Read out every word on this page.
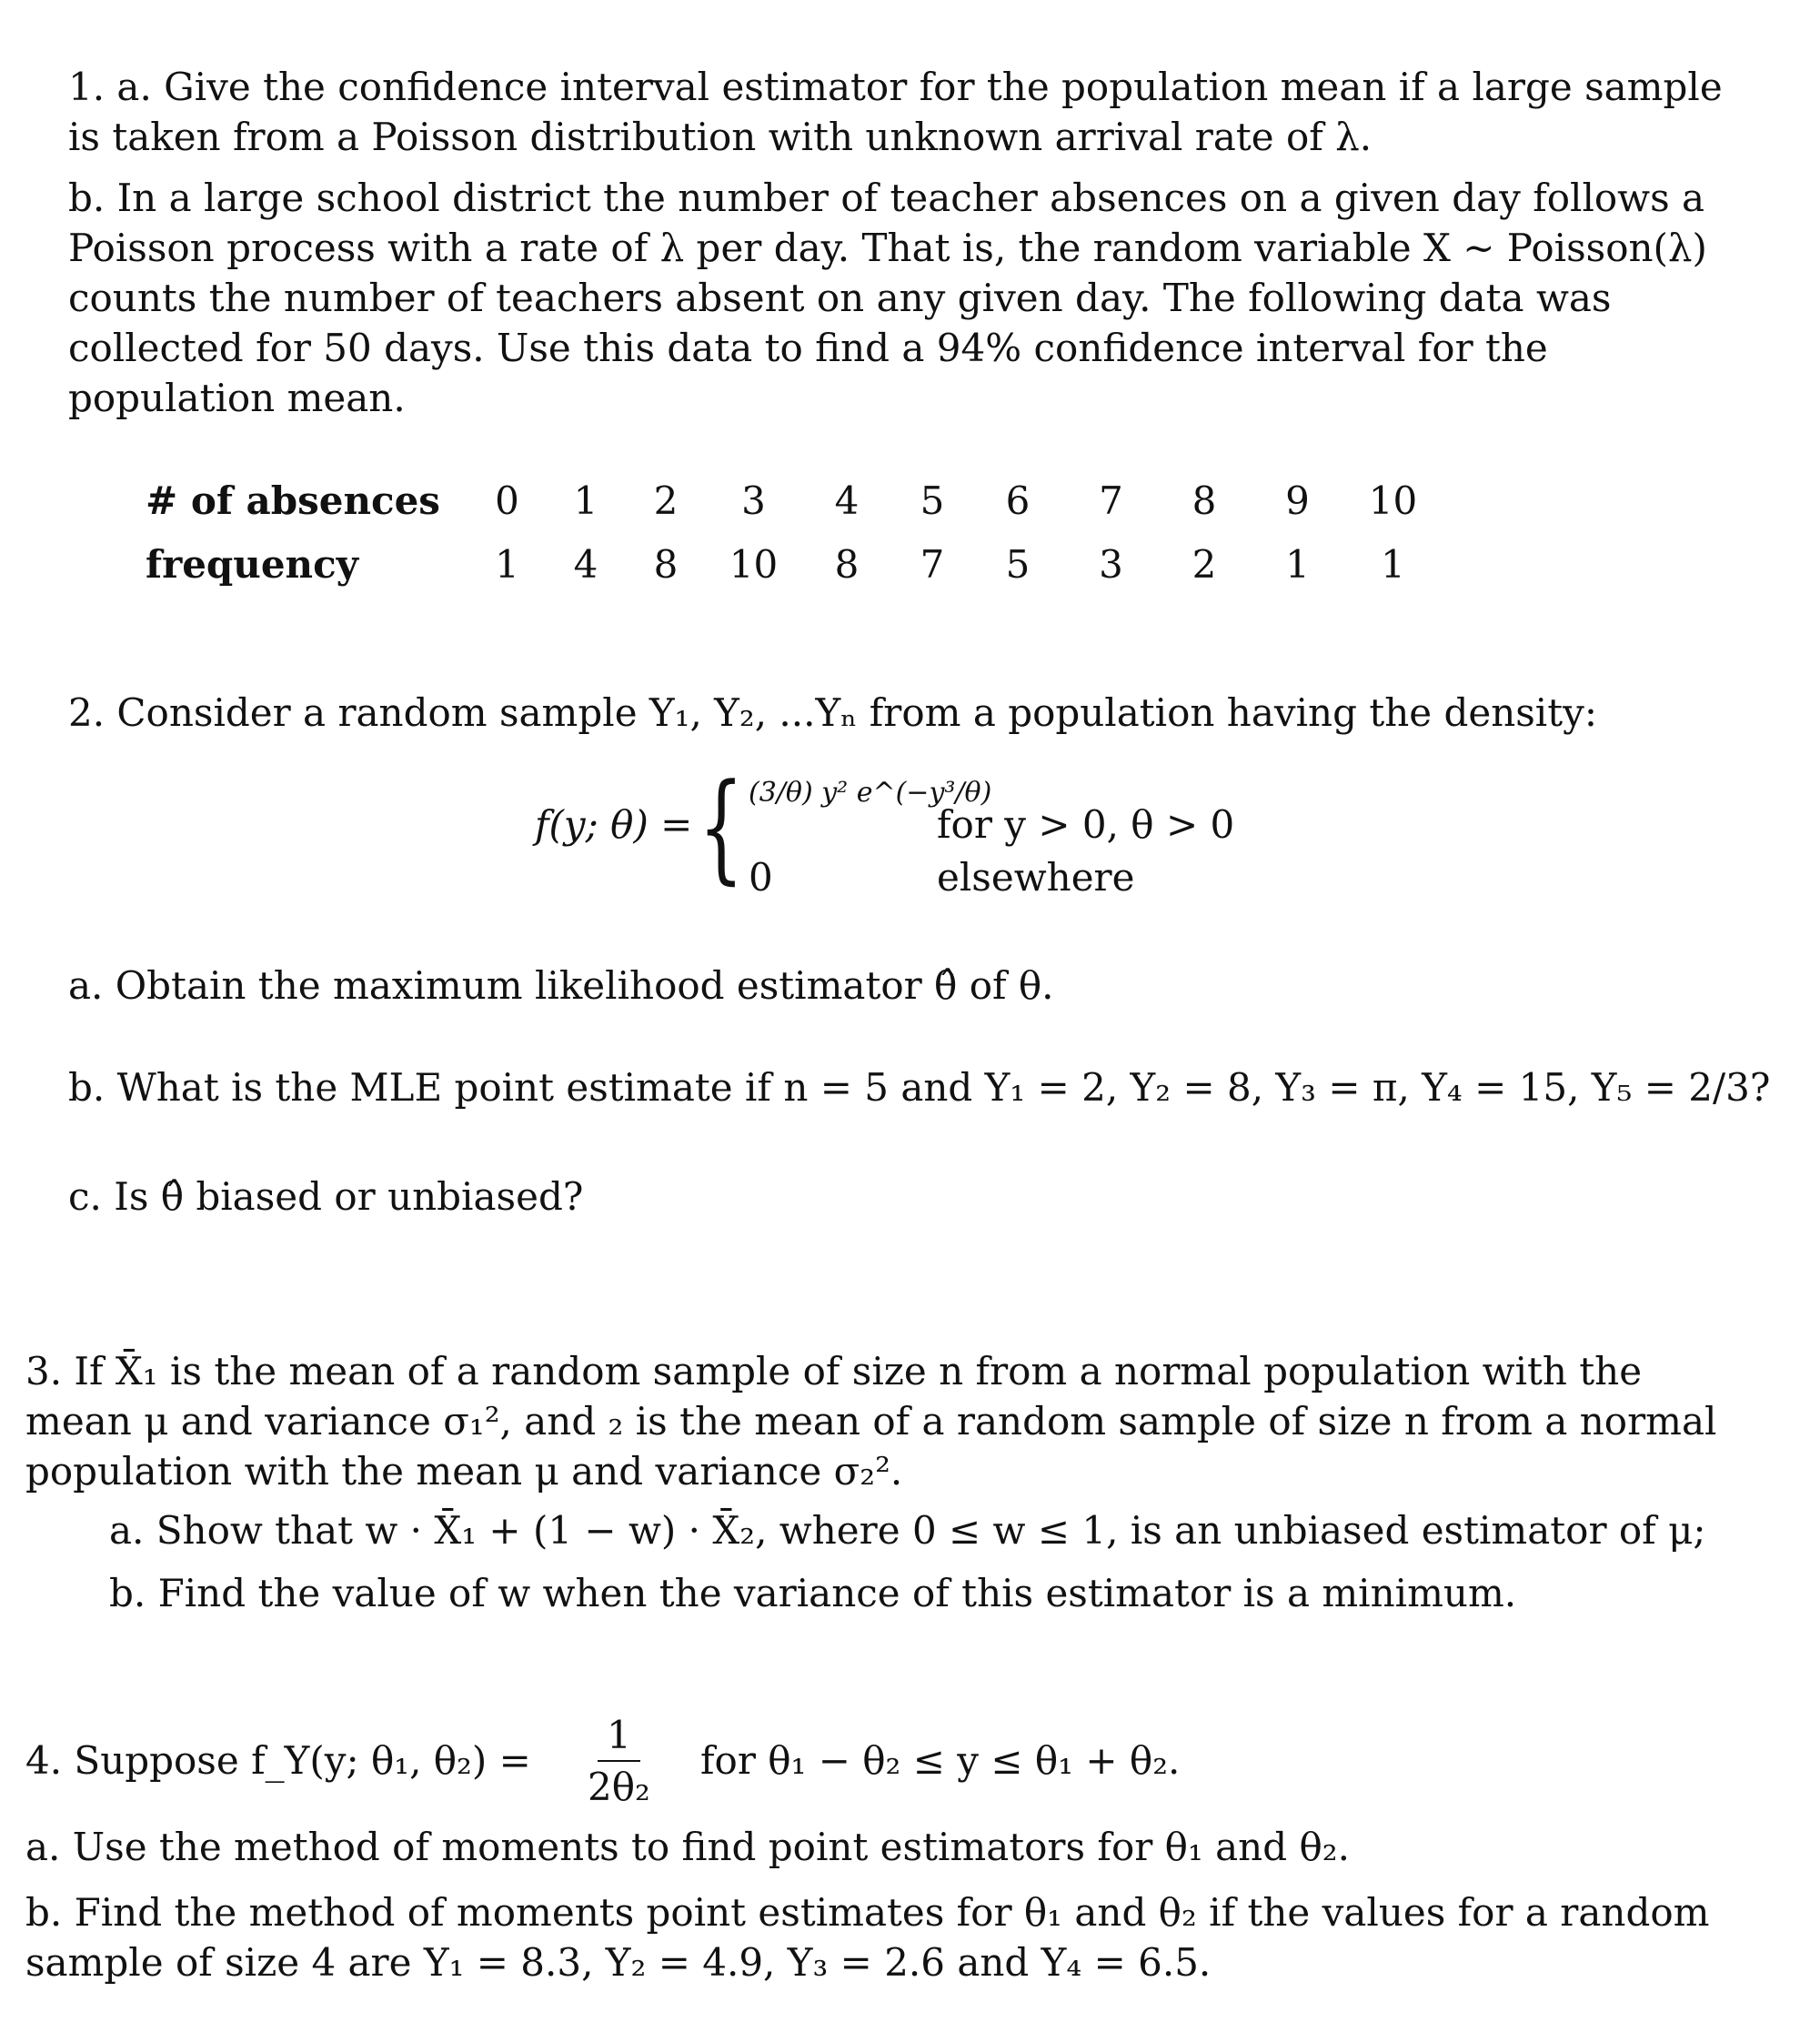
1. a. Give the confidence interval estimator for the population mean if a large sample is taken from a Poisson distribution with unknown arrival rate of λ.

b. In a large school district the number of teacher absences on a given day follows a Poisson process with a rate of λ per day. That is, the random variable X ~ Poisson(λ) counts the number of teachers absent on any given day. The following data was collected for 50 days. Use this data to find a 94% confidence interval for the population mean.

# of absences	0	1	2	3	4	5	6	7	8	9	10
frequency	1	4	8	10	8	7	5	3	2	1	1

2. Consider a random sample Y₁, Y₂, ...Yₙ from a population having the density:

f(y; θ) = { (3/θ) y² e^(−y³/θ)
for y > 0, θ > 0
0	elsewhere

a. Obtain the maximum likelihood estimator θ̂ of θ.

b. What is the MLE point estimate if n = 5 and Y₁ = 2, Y₂ = 8, Y₃ = π, Y₄ = 15, Y₅ = 2/3?

c. Is θ̂ biased or unbiased?

3. If X̄₁ is the mean of a random sample of size n from a normal population with the mean μ and variance σ₁², and ₂ is the mean of a random sample of size n from a normal population with the mean μ and variance σ₂².

a. Show that w · X̄₁ + (1 − w) · X̄₂, where 0 ≤ w ≤ 1, is an unbiased estimator of μ;

b. Find the value of w when the variance of this estimator is a minimum.

4. Suppose f_Y(y; θ₁, $\theta_2) = \frac{1}{\text{2θ₂}}$ for θ₁ − θ₂ ≤ y ≤ θ₁ + θ₂.

a. Use the method of moments to find point estimators for θ₁ and θ₂.

b. Find the method of moments point estimates for θ₁ and θ₂ if the values for a random sample of size 4 are Y₁ = 8.3, Y₂ = 4.9, Y₃ = 2.6 and Y₄ = 6.5.
